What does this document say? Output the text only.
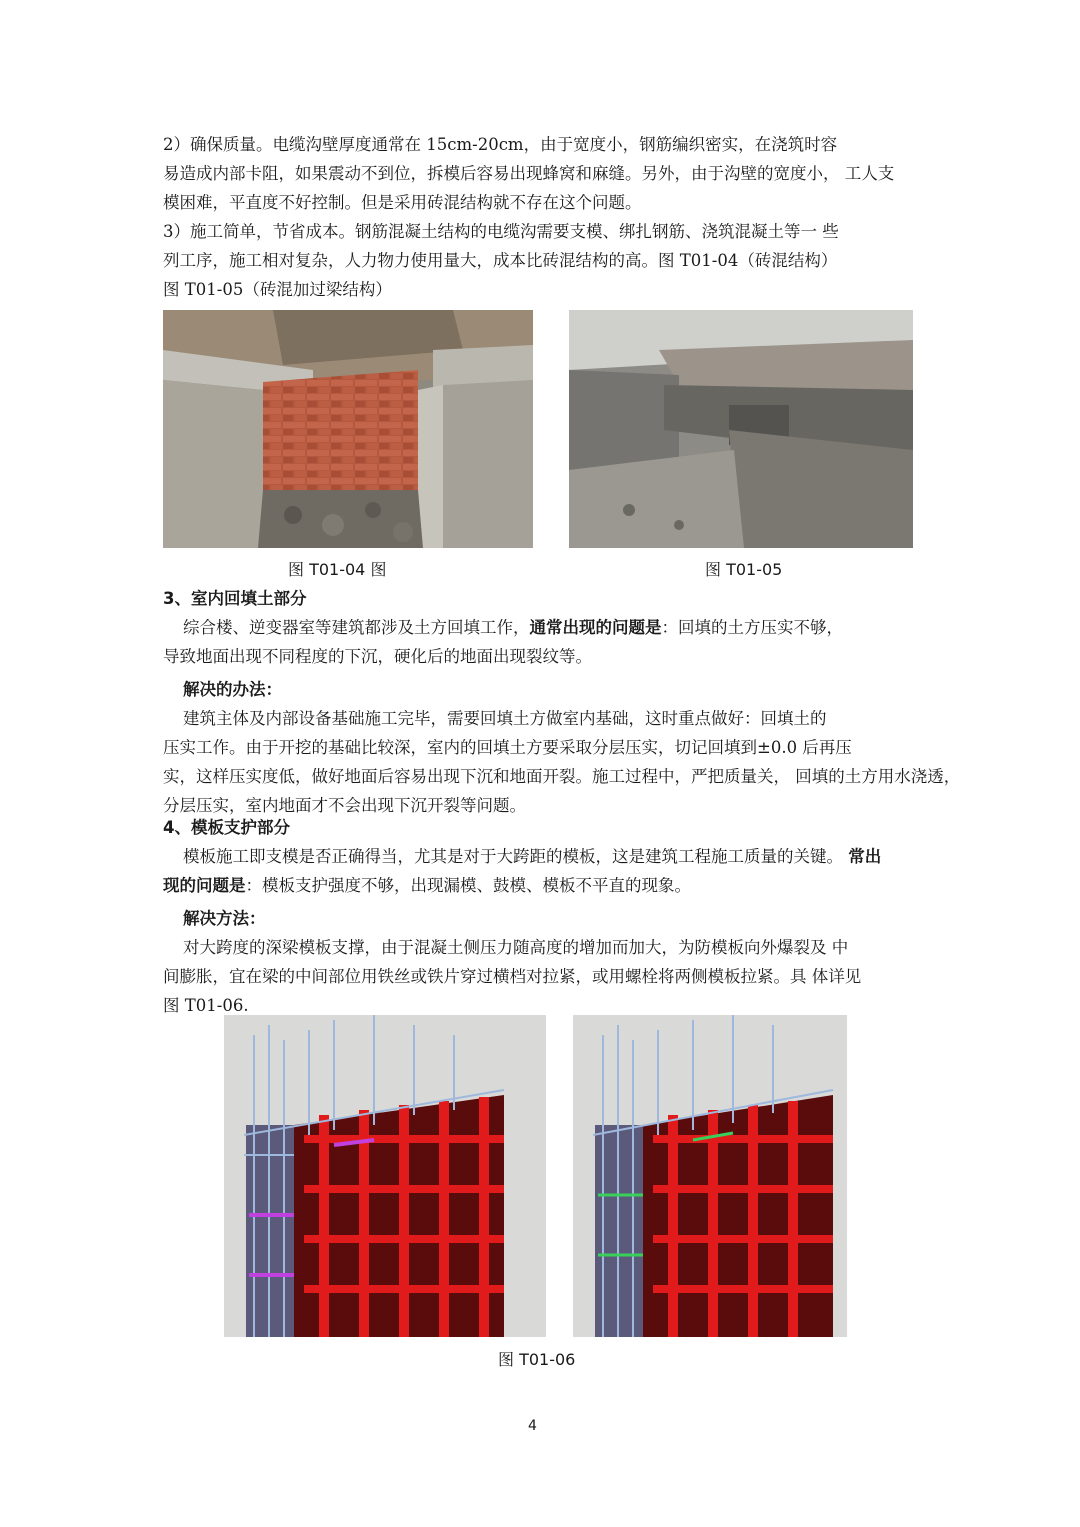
2）确保质量。电缆沟壁厚度通常在 15cm-20cm，由于宽度小，钢筋编织密实，在浇筑时容
易造成内部卡阻，如果震动不到位，拆模后容易出现蜂窝和麻缝。另外，由于沟壁的宽度小， 工人支
模困难，平直度不好控制。但是采用砖混结构就不存在这个问题。
3）施工简单，节省成本。钢筋混凝土结构的电缆沟需要支模、绑扎钢筋、浇筑混凝土等一 些
列工序，施工相对复杂，人力物力使用量大，成本比砖混结构的高。图 T01-04（砖混结构）
图 T01-05（砖混加过梁结构）
图 T01-04 图	图 T01-05
3、室内回填土部分
综合楼、逆变器室等建筑都涉及土方回填工作，通常出现的问题是：回填的土方压实不够，
导致地面出现不同程度的下沉，硬化后的地面出现裂纹等。
解决的办法：
建筑主体及内部设备基础施工完毕，需要回填土方做室内基础，这时重点做好：回填土的
压实工作。由于开挖的基础比较深，室内的回填土方要采取分层压实，切记回填到±0.0 后再压
实，这样压实度低，做好地面后容易出现下沉和地面开裂。施工过程中，严把质量关， 回填的土方用水浇透，
分层压实，室内地面才不会出现下沉开裂等问题。
4、模板支护部分
模板施工即支模是否正确得当，尤其是对于大跨距的模板，这是建筑工程施工质量的关键。 常出
现的问题是：模板支护强度不够，出现漏模、鼓模、模板不平直的现象。
解决方法：
对大跨度的深梁模板支撑，由于混凝土侧压力随高度的增加而加大，为防模板向外爆裂及 中
间膨胀，宜在梁的中间部位用铁丝或铁片穿过横档对拉紧，或用螺栓将两侧模板拉紧。具 体详见
图 T01-06.
图 T01-06
4
